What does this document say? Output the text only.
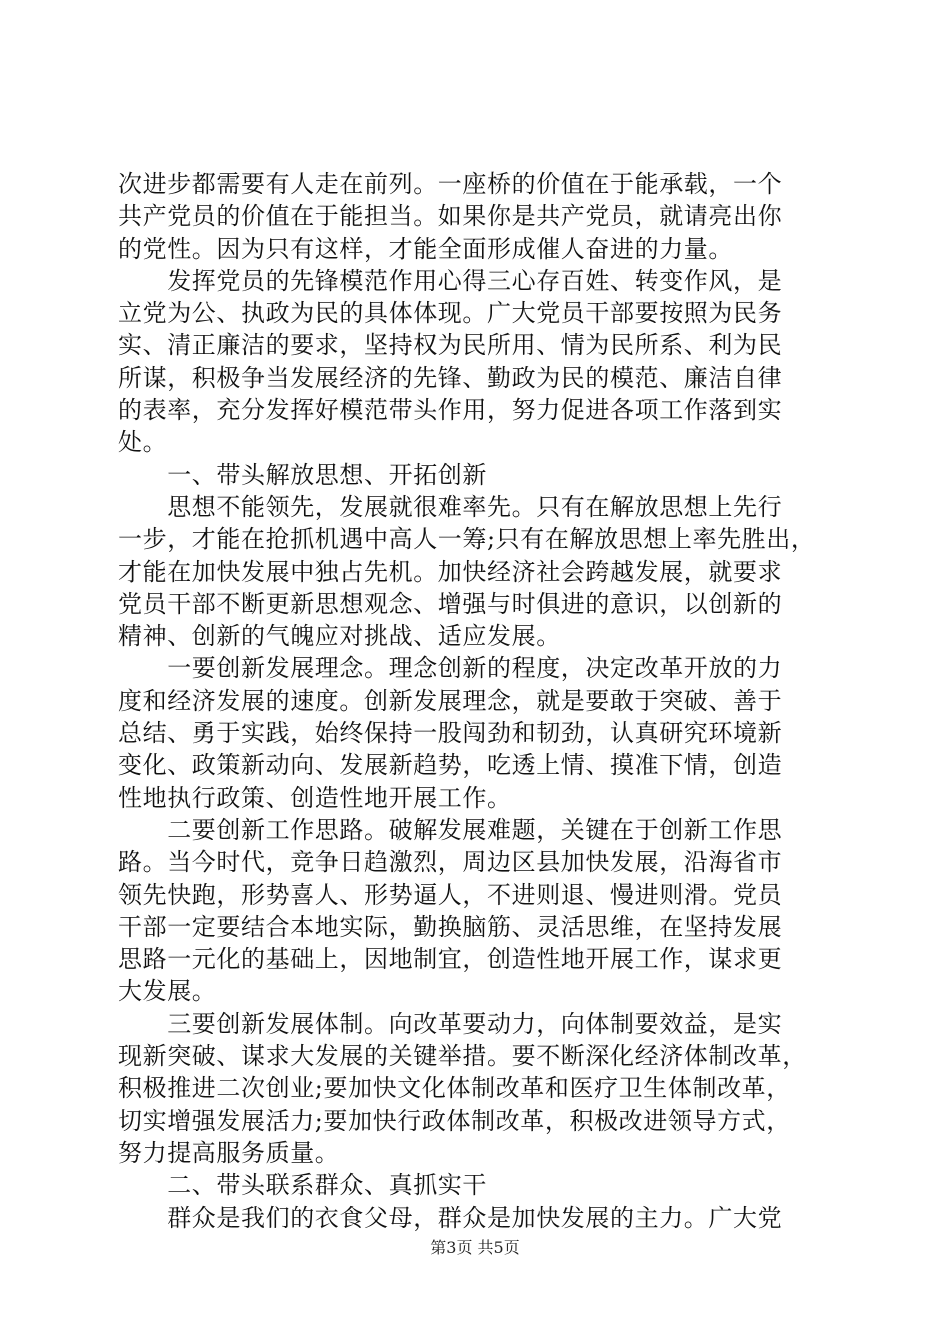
次进步都需要有人走在前列。一座桥的价值在于能承载，一个
共产党员的价值在于能担当。如果你是共产党员，就请亮出你
的党性。因为只有这样，才能全面形成催人奋进的力量。
　　发挥党员的先锋模范作用心得三心存百姓、转变作风，是
立党为公、执政为民的具体体现。广大党员干部要按照为民务
实、清正廉洁的要求，坚持权为民所用、情为民所系、利为民
所谋，积极争当发展经济的先锋、勤政为民的模范、廉洁自律
的表率，充分发挥好模范带头作用，努力促进各项工作落到实
处。
　　一、带头解放思想、开拓创新
　　思想不能领先，发展就很难率先。只有在解放思想上先行
一步，才能在抢抓机遇中高人一筹;只有在解放思想上率先胜出，
才能在加快发展中独占先机。加快经济社会跨越发展，就要求
党员干部不断更新思想观念、增强与时俱进的意识，以创新的
精神、创新的气魄应对挑战、适应发展。
　　一要创新发展理念。理念创新的程度，决定改革开放的力
度和经济发展的速度。创新发展理念，就是要敢于突破、善于
总结、勇于实践，始终保持一股闯劲和韧劲，认真研究环境新
变化、政策新动向、发展新趋势，吃透上情、摸准下情，创造
性地执行政策、创造性地开展工作。
　　二要创新工作思路。破解发展难题，关键在于创新工作思
路。当今时代，竞争日趋激烈，周边区县加快发展，沿海省市
领先快跑，形势喜人、形势逼人，不进则退、慢进则滑。党员
干部一定要结合本地实际，勤换脑筋、灵活思维，在坚持发展
思路一元化的基础上，因地制宜，创造性地开展工作，谋求更
大发展。
　　三要创新发展体制。向改革要动力，向体制要效益，是实
现新突破、谋求大发展的关键举措。要不断深化经济体制改革，
积极推进二次创业;要加快文化体制改革和医疗卫生体制改革，
切实增强发展活力;要加快行政体制改革，积极改进领导方式，
努力提高服务质量。
　　二、带头联系群众、真抓实干
　　群众是我们的衣食父母，群众是加快发展的主力。广大党
第3页 共5页
